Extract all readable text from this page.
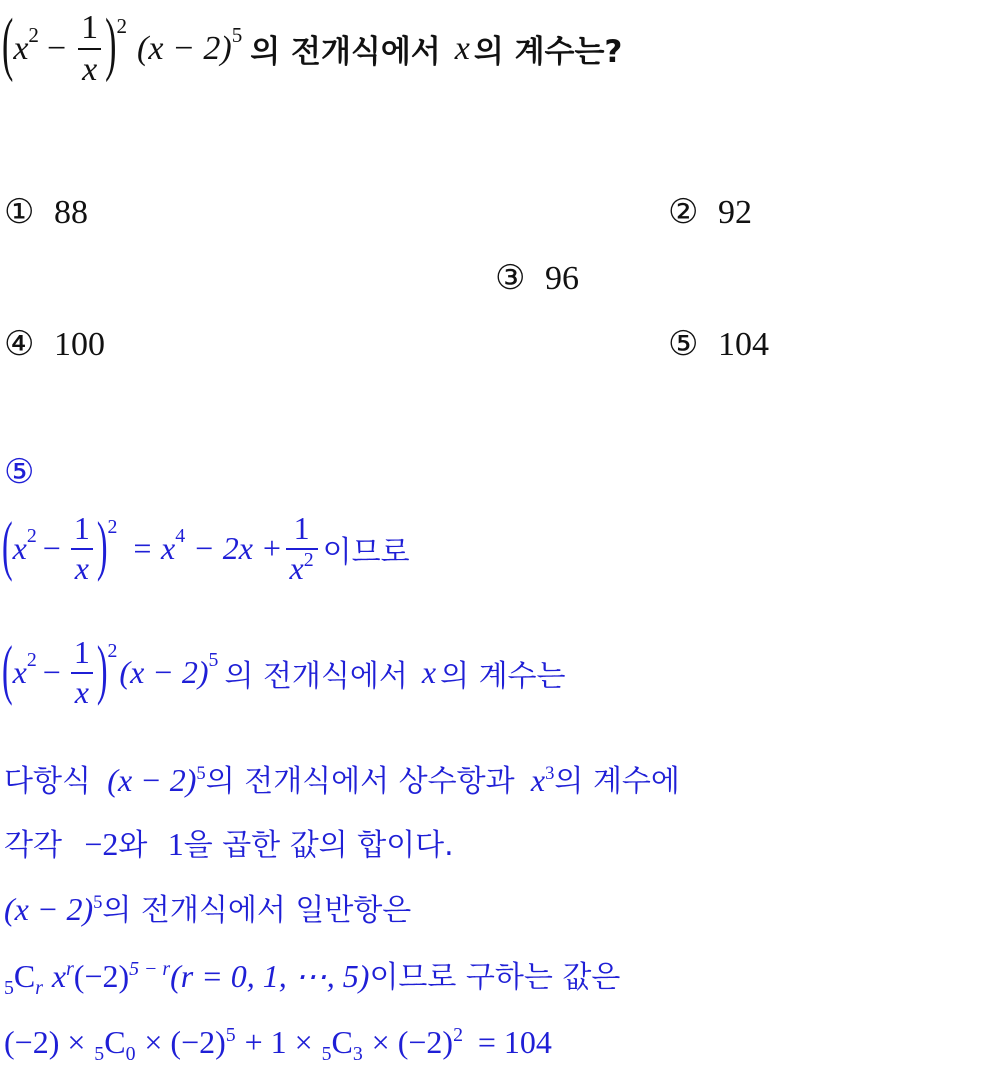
( x $2 - \frac{1}{x}$ ) 2
(x − 2) 5 의 전개식에서 x 의 계수는?
① 88	② 92
③ 96
④ 100	⑤ 104
⑤
( x $2 - \frac{1}{x}$ ) 2
= x $4 - 2x + \frac{1}{x^2}$ 이므로
( x $2 - \frac{1}{x}$ ) 2
(x − 2) 5 의 전개식에서 x 의 계수는
다항식 $(x - 2)^5$의 전개식에서 상수항과 $x^3$의 계수에
각각 −2와 1을 곱한 값의 합이다.
$(x - 2)^5$의 전개식에서 일반항은
$_5C_r$ $x^r(-2)^{5 - r}(r = 0$, 1, ⋯, 5)이므로 구하는 값은
$(-2) \times _5C_0 \times (-2)^5 + 1 \times _5C_3 \times (-2)^2 = 104$
